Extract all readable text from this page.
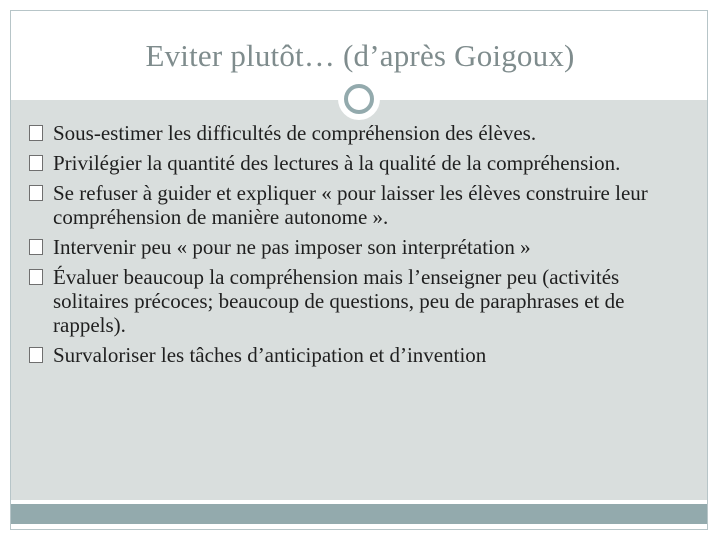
Eviter plutôt… (d’après Goigoux)
Sous-estimer les difficultés de compréhension des élèves.
Privilégier la quantité des lectures à la qualité de la compréhension.
Se refuser à guider et expliquer « pour laisser les élèves construire leur compréhension de manière autonome ».
Intervenir peu « pour ne pas imposer son interprétation »
Évaluer beaucoup la compréhension mais l’enseigner peu (activités solitaires précoces; beaucoup de questions, peu de paraphrases et de rappels).
Survaloriser les tâches d’anticipation et d’invention
